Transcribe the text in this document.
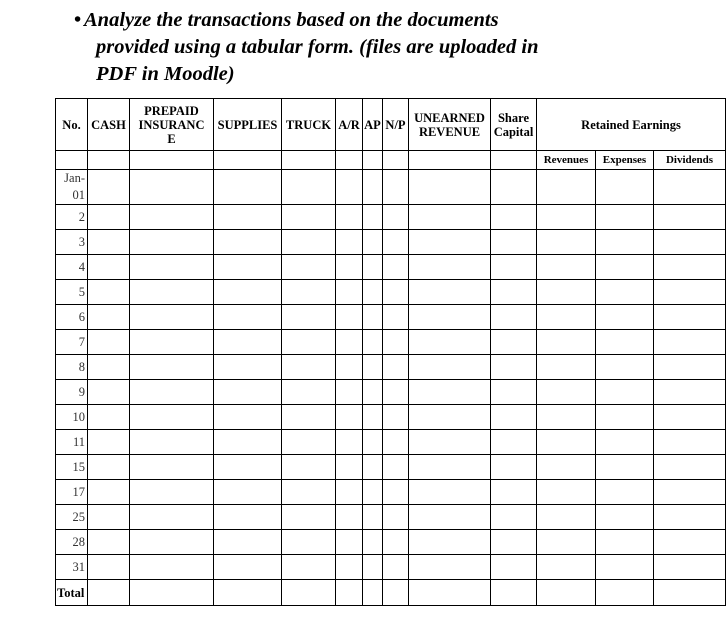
• Analyze the transactions based on the documents
provided using a tabular form. (files are uploaded in
PDF in Moodle)
No.	CASH	PREPAID
INSURANC
E	SUPPLIES	TRUCK	A/R	AP	N/P	UNEARNED
REVENUE	Share
Capital	Retained Earnings		
										Revenues	Expenses	Dividends
Jan-01												
2												
3												
4												
5												
6												
7												
8												
9												
10												
11												
15												
17												
25												
28												
31												
Total												
